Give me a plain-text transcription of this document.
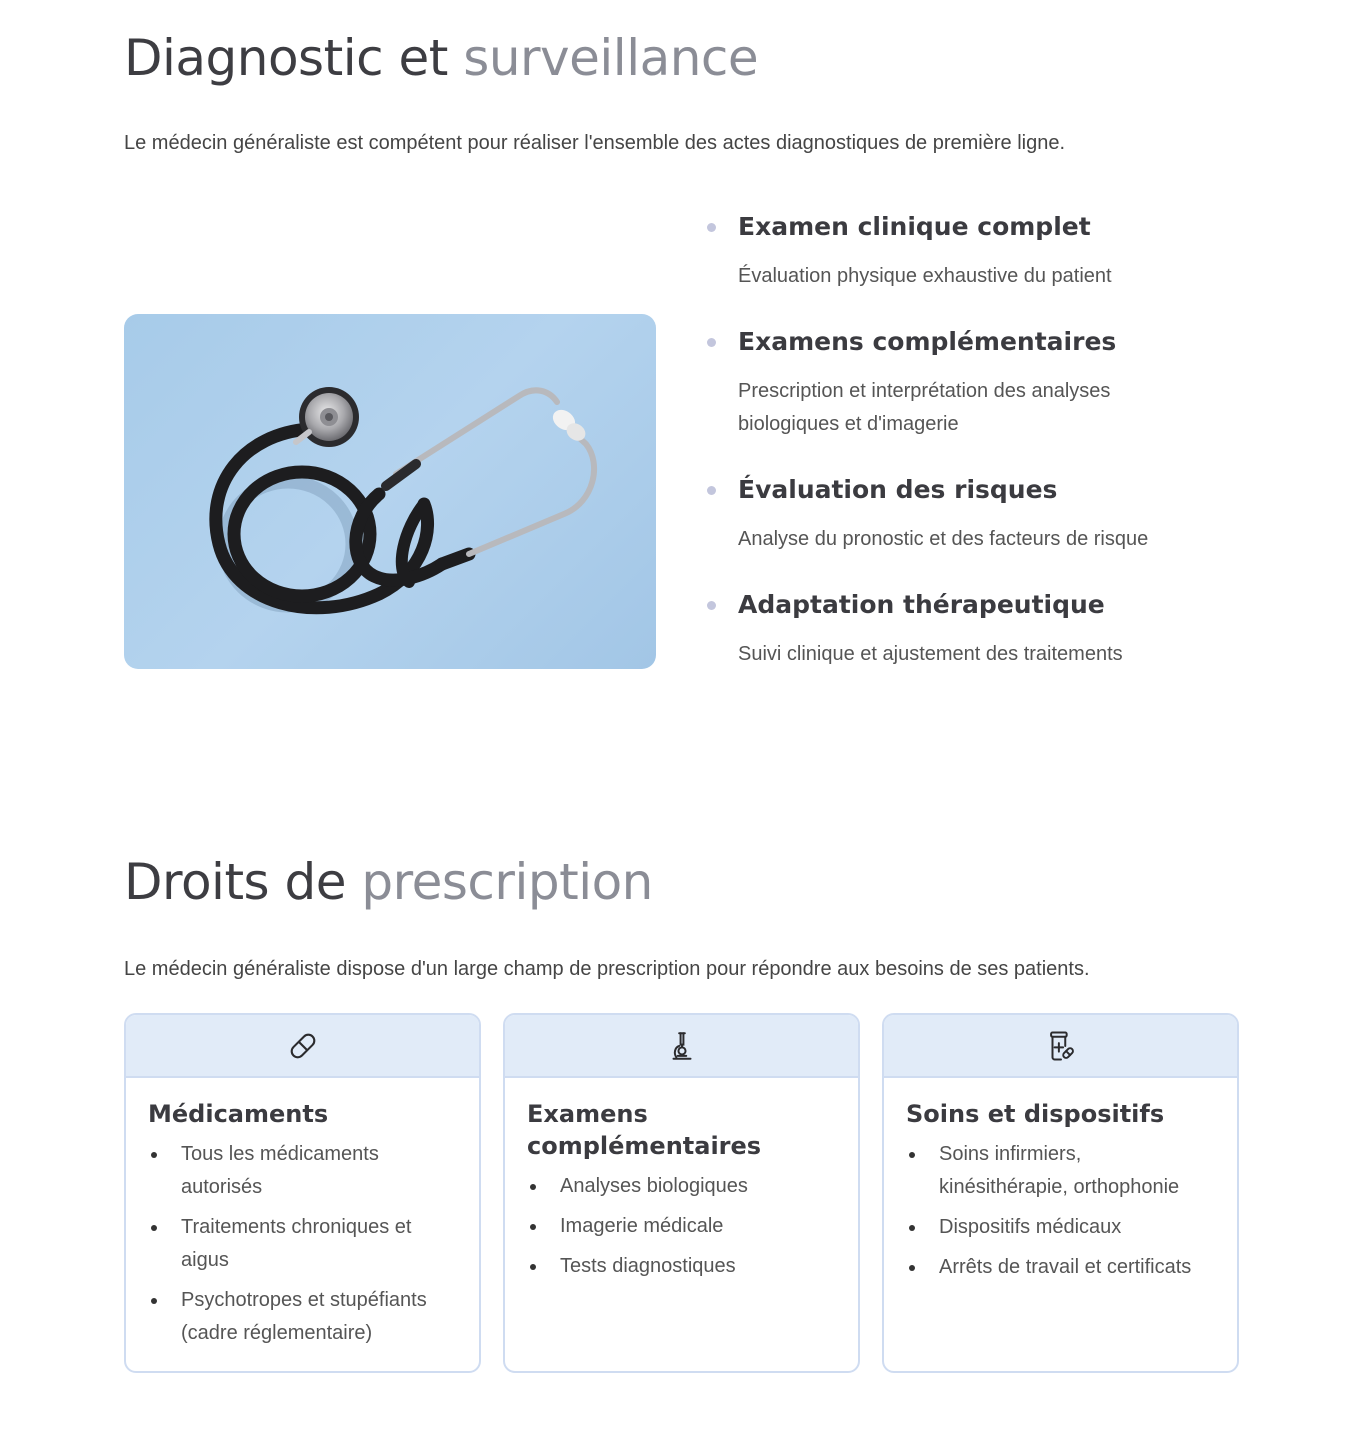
Diagnostic et surveillance

Le médecin généraliste est compétent pour réaliser l'ensemble des actes diagnostiques de première ligne.

Examen clinique complet

Évaluation physique exhaustive du patient

Examens complémentaires

Prescription et interprétation des analyses biologiques et d'imagerie

Évaluation des risques

Analyse du pronostic et des facteurs de risque

Adaptation thérapeutique

Suivi clinique et ajustement des traitements

Droits de prescription

Le médecin généraliste dispose d'un large champ de prescription pour répondre aux besoins de ses patients.

Médicaments
Tous les médicaments autorisés
Traitements chroniques et aigus
Psychotropes et stupéfiants (cadre réglementaire)
Examens complémentaires
Analyses biologiques
Imagerie médicale
Tests diagnostiques
Soins et dispositifs
Soins infirmiers, kinésithérapie, orthophonie
Dispositifs médicaux
Arrêts de travail et certificats
